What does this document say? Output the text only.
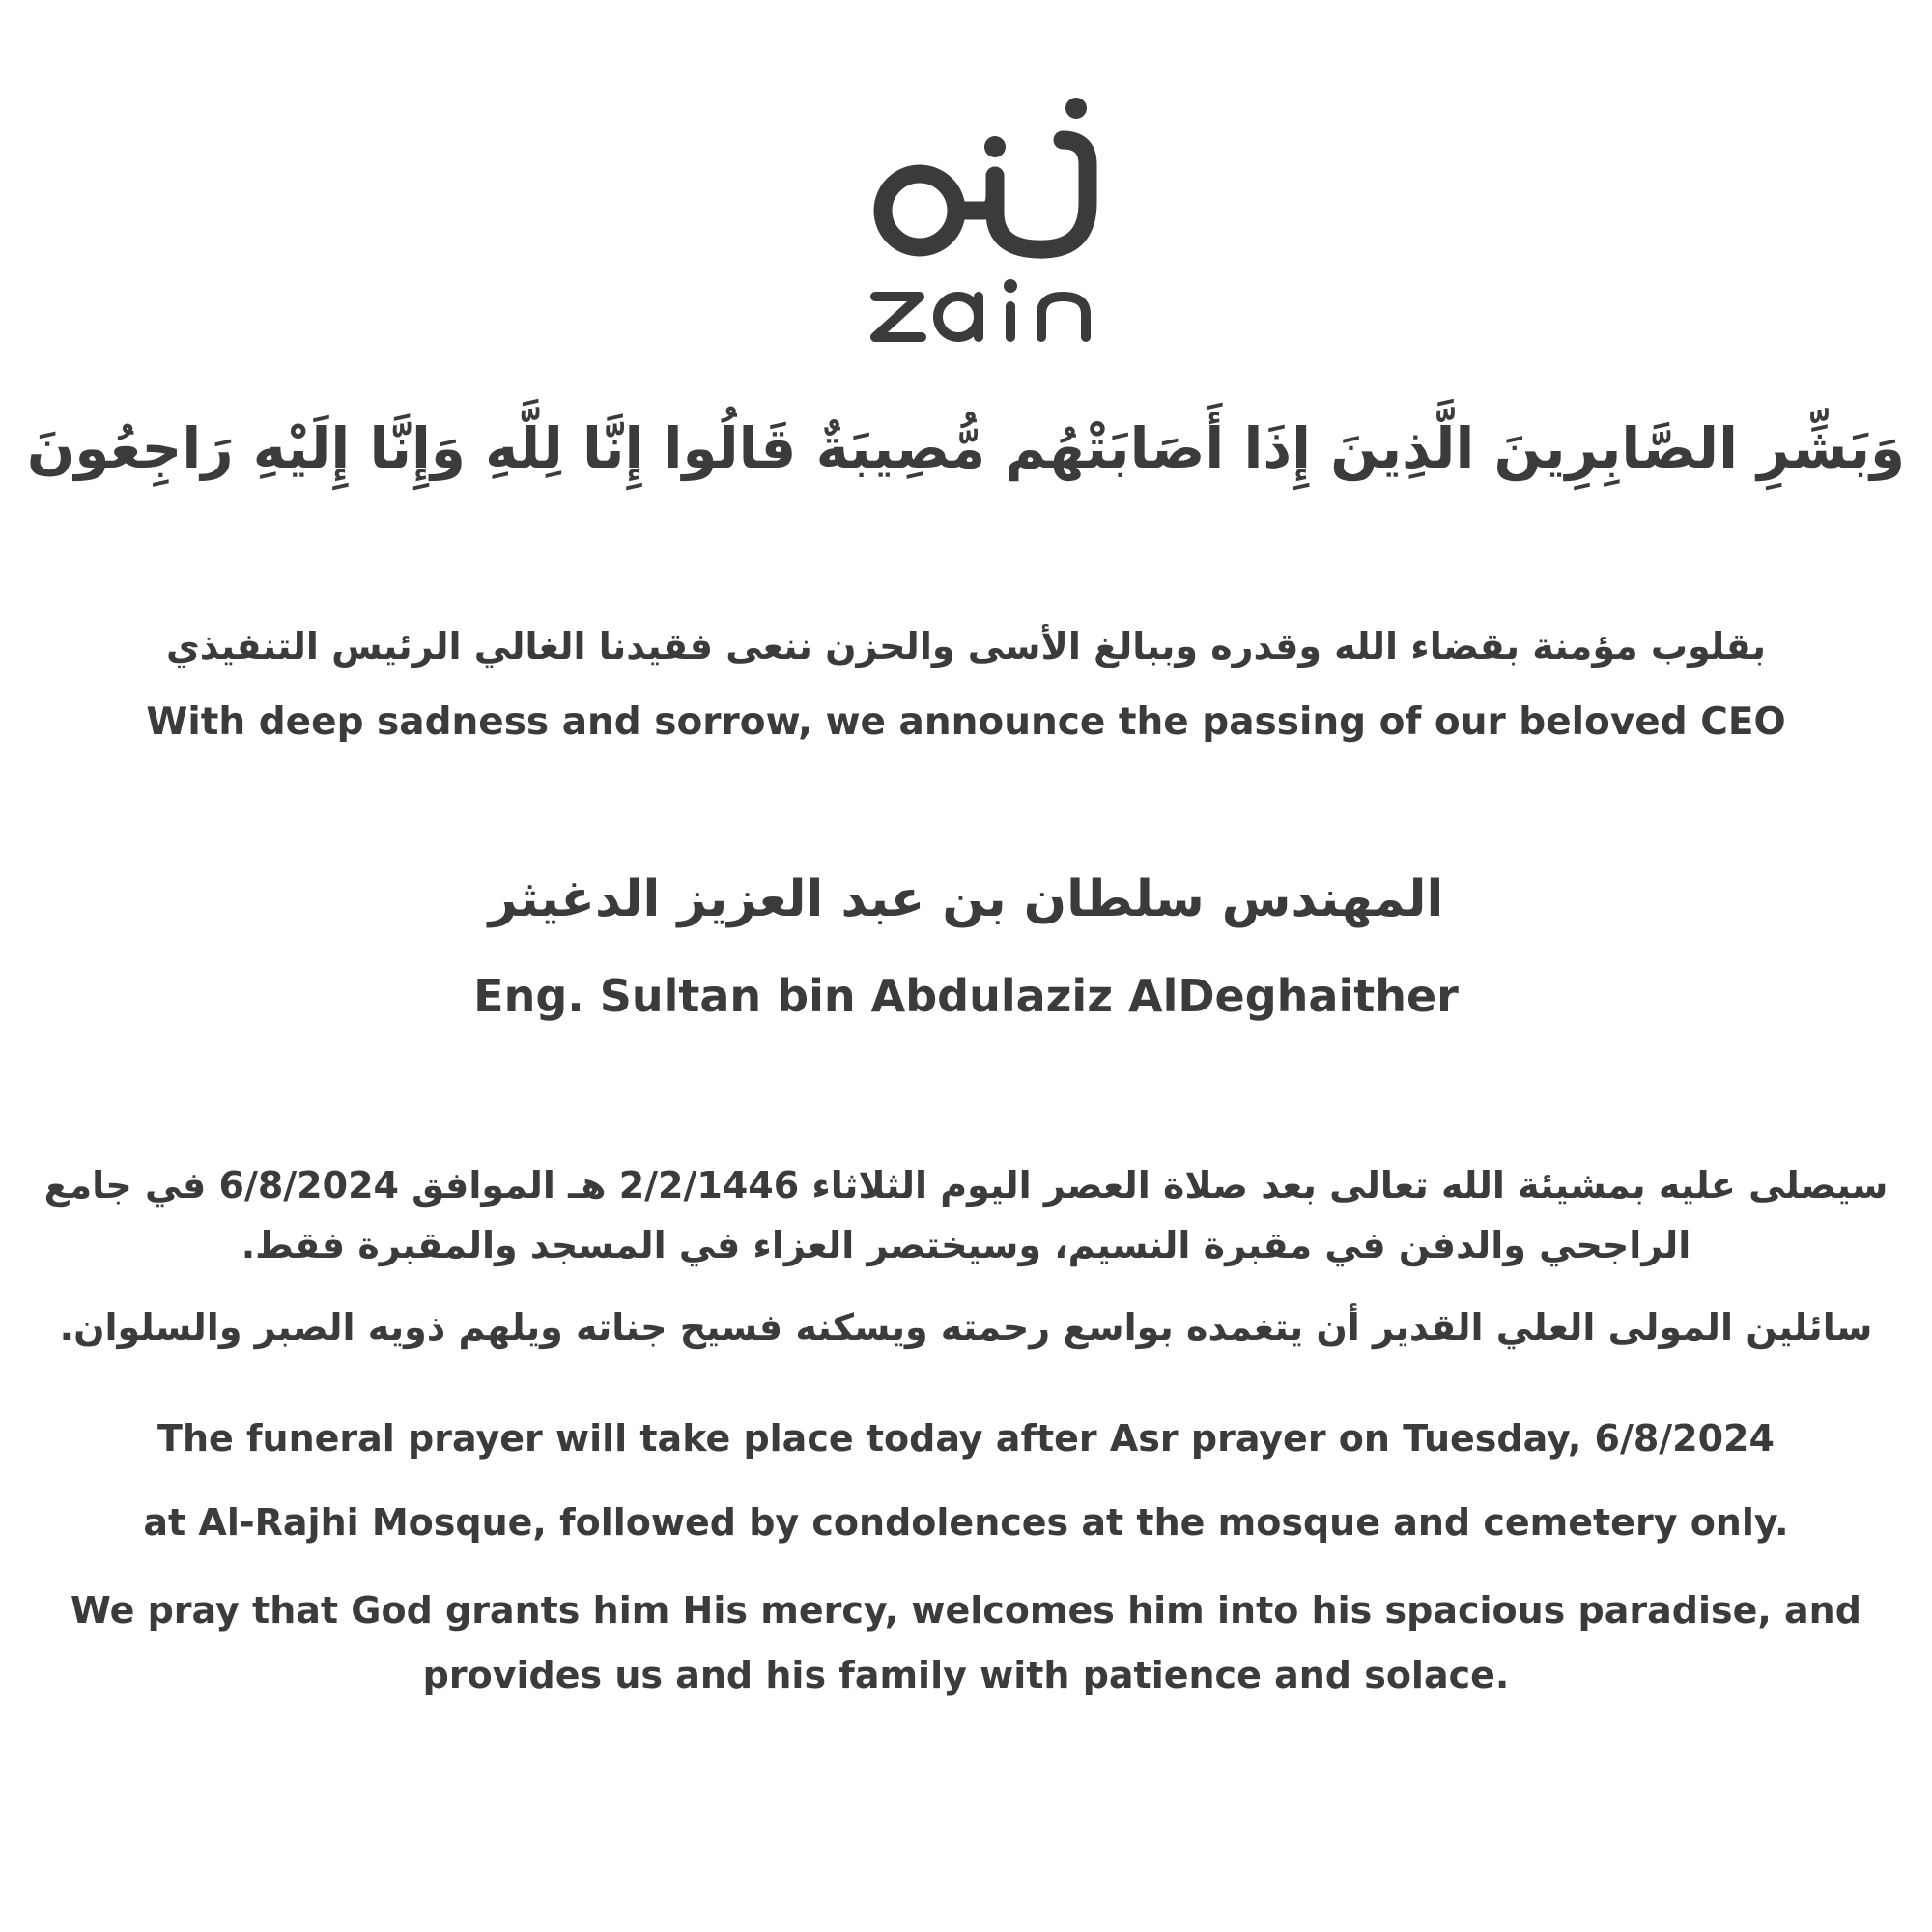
وَبَشِّرِ الصَّابِرِينَ الَّذِينَ إِذَا أَصَابَتْهُم مُّصِيبَةٌ قَالُوا إِنَّا لِلَّهِ وَإِنَّا إِلَيْهِ رَاجِعُونَ
بقلوب مؤمنة بقضاء الله وقدره وببالغ الأسى والحزن ننعى فقيدنا الغالي الرئيس التنفيذي
With deep sadness and sorrow, we announce the passing of our beloved CEO
المهندس سلطان بن عبد العزيز الدغيثر
Eng. Sultan bin Abdulaziz AlDeghaither
سيصلى عليه بمشيئة الله تعالى بعد صلاة العصر اليوم الثلاثاء 2/2/1446 هـ الموافق 6/8/2024 في جامع
الراجحي والدفن في مقبرة النسيم، وسيختصر العزاء في المسجد والمقبرة فقط.
سائلين المولى العلي القدير أن يتغمده بواسع رحمته ويسكنه فسيح جناته ويلهم ذويه الصبر والسلوان.
The funeral prayer will take place today after Asr prayer on Tuesday, 6/8/2024
at Al-Rajhi Mosque, followed by condolences at the mosque and cemetery only.
We pray that God grants him His mercy, welcomes him into his spacious paradise, and
provides us and his family with patience and solace.
